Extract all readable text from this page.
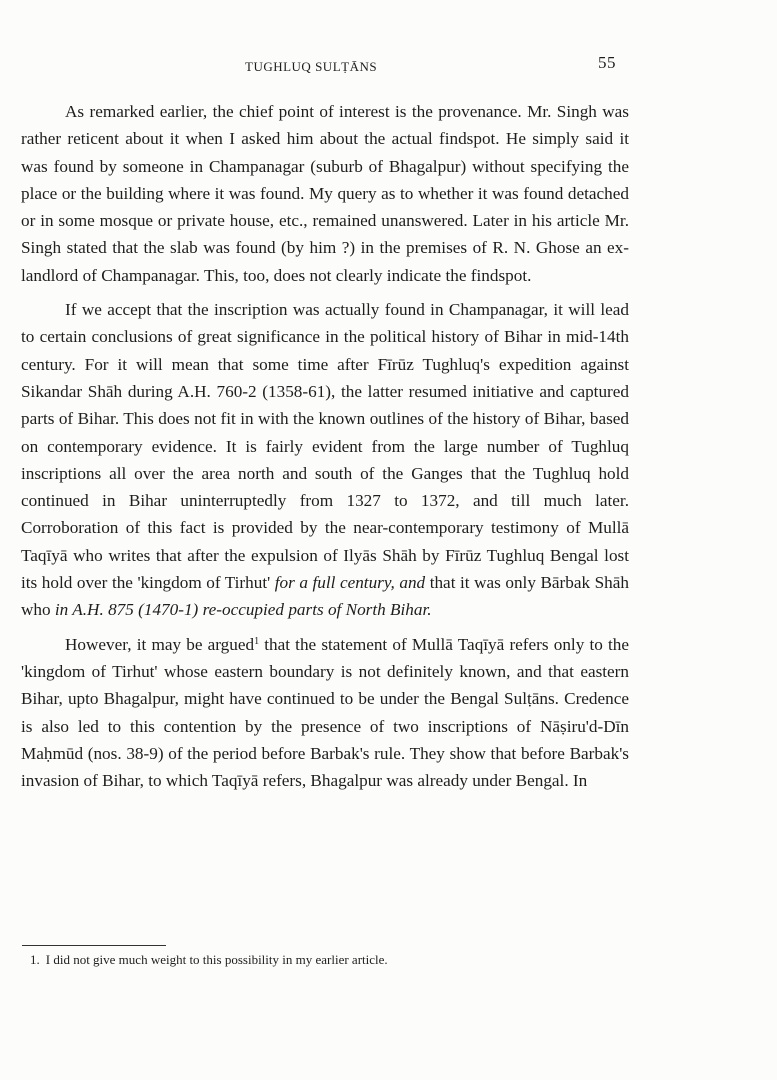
TUGHLUQ SULṬĀNS	55

As remarked earlier, the chief point of interest is the provenance. Mr. Singh was rather reticent about it when I asked him about the actual findspot. He simply said it was found by someone in Champanagar (suburb of Bhagalpur) without specifying the place or the building where it was found. My query as to whether it was found detached or in some mosque or private house, etc., remained unanswered. Later in his article Mr. Singh stated that the slab was found (by him ?) in the premises of R. N. Ghose an ex-landlord of Champanagar. This, too, does not clearly indicate the findspot.

If we accept that the inscription was actually found in Champanagar, it will lead to certain conclusions of great significance in the political history of Bihar in mid-14th century. For it will mean that some time after Fīrūz Tughluq's expedition against Sikandar Shāh during A.H. 760-2 (1358-61), the latter resumed initiative and captured parts of Bihar. This does not fit in with the known outlines of the history of Bihar, based on contemporary evidence. It is fairly evident from the large number of Tughluq inscriptions all over the area north and south of the Ganges that the Tughluq hold continued in Bihar uninterruptedly from 1327 to 1372, and till much later. Corroboration of this fact is provided by the near-contemporary testimony of Mullā Taqīyā who writes that after the expulsion of Ilyās Shāh by Fīrūz Tughluq Bengal lost its hold over the 'kingdom of Tirhut' for a full century, and that it was only Bārbak Shāh who in A.H. 875 (1470-1) re-occupied parts of North Bihar.

However, it may be argued$^1$ that the statement of Mullā Taqīyā refers only to the 'kingdom of Tirhut' whose eastern boundary is not definitely known, and that eastern Bihar, upto Bhagalpur, might have continued to be under the Bengal Sulṭāns. Credence is also led to this contention by the presence of two inscriptions of Nāṣiru'd-Dīn Maḥmūd (nos. 38-9) of the period before Barbak's rule. They show that before Barbak's invasion of Bihar, to which Taqīyā refers, Bhagalpur was already under Bengal. In

1. I did not give much weight to this possibility in my earlier article.
